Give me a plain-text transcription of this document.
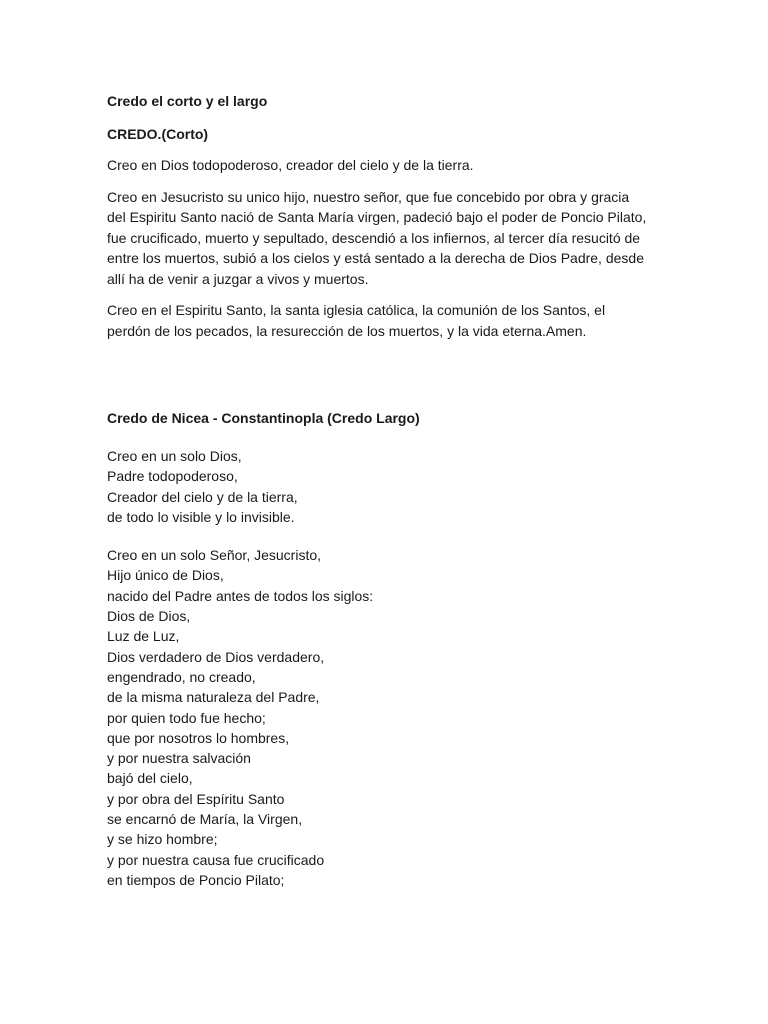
Credo el corto y el largo

CREDO.(Corto)

Creo en Dios todopoderoso, creador del cielo y de la tierra.

Creo en Jesucristo su unico hijo, nuestro señor, que fue concebido por obra y gracia del Espiritu Santo nació de Santa María virgen, padeció bajo el poder de Poncio Pilato, fue crucificado, muerto y sepultado, descendió a los infiernos, al tercer día resucitó de entre los muertos, subió a los cielos y está sentado a la derecha de Dios Padre, desde allí ha de venir a juzgar a vivos y muertos.

Creo en el Espiritu Santo, la santa iglesia católica, la comunión de los Santos, el perdón de los pecados, la resurección de los muertos, y la vida eterna.Amen.

Credo de Nicea - Constantinopla (Credo Largo)

Creo en un solo Dios,
Padre todopoderoso,
Creador del cielo y de la tierra,
de todo lo visible y lo invisible.
Creo en un solo Señor, Jesucristo,
Hijo único de Dios,
nacido del Padre antes de todos los siglos:
Dios de Dios,
Luz de Luz,
Dios verdadero de Dios verdadero,
engendrado, no creado,
de la misma naturaleza del Padre,
por quien todo fue hecho;
que por nosotros lo hombres,
y por nuestra salvación
bajó del cielo,
y por obra del Espíritu Santo
se encarnó de María, la Virgen,
y se hizo hombre;
y por nuestra causa fue crucificado
en tiempos de Poncio Pilato;
